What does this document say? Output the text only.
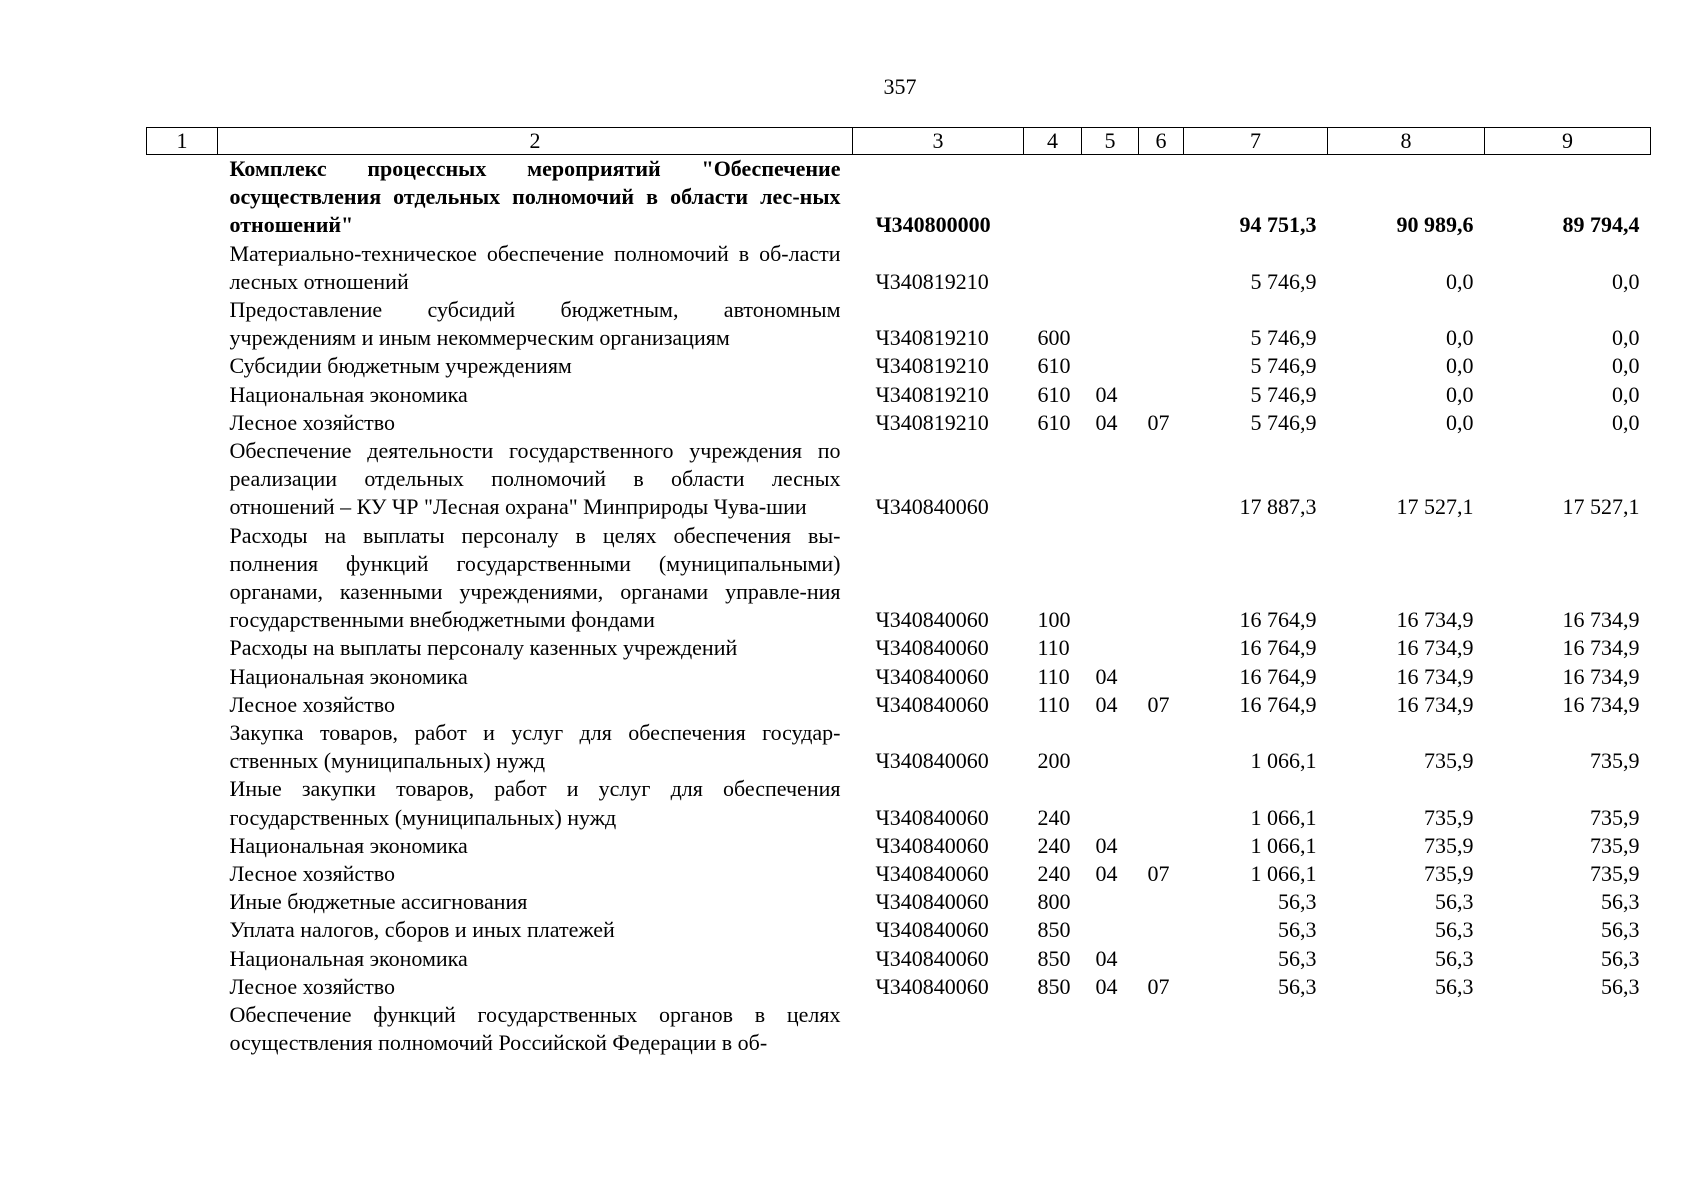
357
1	2	3	4	5	6	7	8	9
	Комплекс процессных мероприятий "Обеспечение осуществления отдельных полномочий в области лес-ных отношений"	Ч340800000				94 751,3	90 989,6	89 794,4
	Материально-техническое обеспечение полномочий в об-ласти лесных отношений	Ч340819210				5 746,9	0,0	0,0
	Предоставление субсидий бюджетным, автономным учреждениям и иным некоммерческим организациям	Ч340819210	600			5 746,9	0,0	0,0
	Субсидии бюджетным учреждениям	Ч340819210	610			5 746,9	0,0	0,0
	Национальная экономика	Ч340819210	610	04		5 746,9	0,0	0,0
	Лесное хозяйство	Ч340819210	610	04	07	5 746,9	0,0	0,0
	Обеспечение деятельности государственного учреждения по реализации отдельных полномочий в области лесных отношений – КУ ЧР "Лесная охрана" Минприроды Чува-шии	Ч340840060				17 887,3	17 527,1	17 527,1
	Расходы на выплаты персоналу в целях обеспечения вы-полнения функций государственными (муниципальными) органами, казенными учреждениями, органами управле-ния государственными внебюджетными фондами	Ч340840060	100			16 764,9	16 734,9	16 734,9
	Расходы на выплаты персоналу казенных учреждений	Ч340840060	110			16 764,9	16 734,9	16 734,9
	Национальная экономика	Ч340840060	110	04		16 764,9	16 734,9	16 734,9
	Лесное хозяйство	Ч340840060	110	04	07	16 764,9	16 734,9	16 734,9
	Закупка товаров, работ и услуг для обеспечения государ-ственных (муниципальных) нужд	Ч340840060	200			1 066,1	735,9	735,9
	Иные закупки товаров, работ и услуг для обеспечения государственных (муниципальных) нужд	Ч340840060	240			1 066,1	735,9	735,9
	Национальная экономика	Ч340840060	240	04		1 066,1	735,9	735,9
	Лесное хозяйство	Ч340840060	240	04	07	1 066,1	735,9	735,9
	Иные бюджетные ассигнования	Ч340840060	800			56,3	56,3	56,3
	Уплата налогов, сборов и иных платежей	Ч340840060	850			56,3	56,3	56,3
	Национальная экономика	Ч340840060	850	04		56,3	56,3	56,3
	Лесное хозяйство	Ч340840060	850	04	07	56,3	56,3	56,3
	Обеспечение функций государственных органов в целях осуществления полномочий Российской Федерации в об-							
